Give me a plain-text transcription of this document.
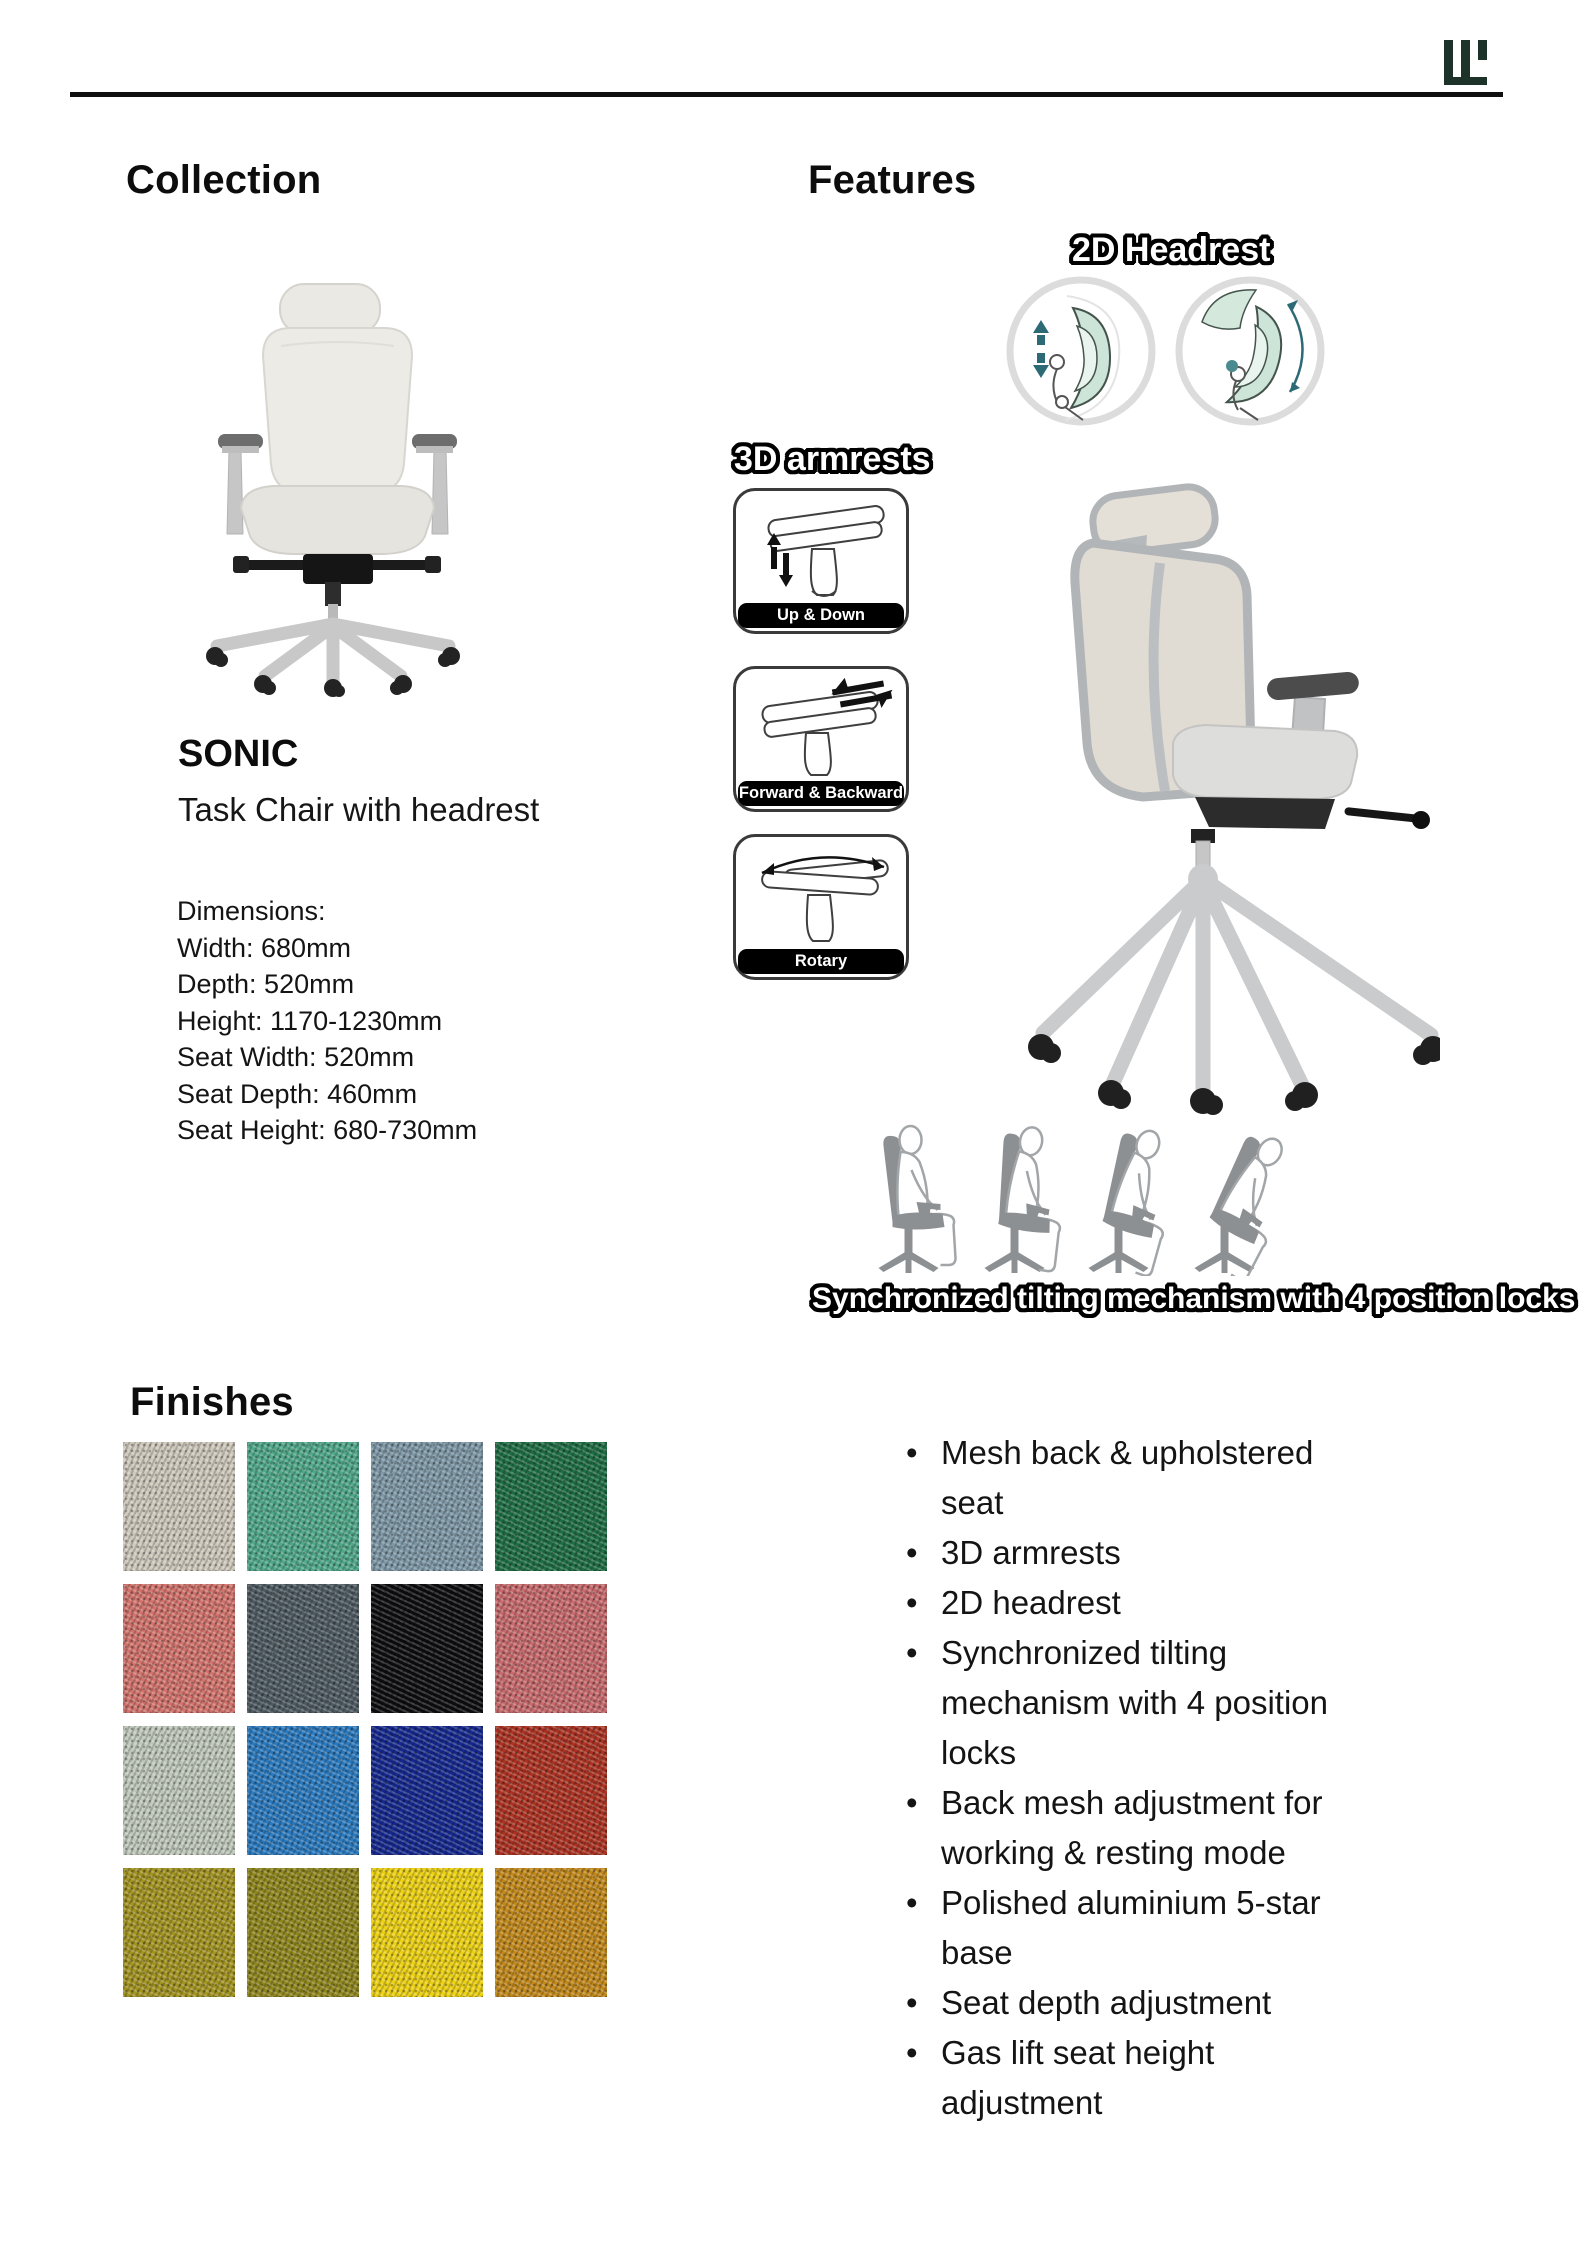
Collection	Features
Finishes
SONIC
Task Chair with headrest

Dimensions:

Width: 680mm

Depth: 520mm

Height: 1170-1230mm

Seat Width: 520mm

Seat Depth: 460mm

Seat Height: 680-730mm

2D Headrest
3D armrests
Up & Down
Forward & Backward
Rotary
Synchronized tilting mechanism with 4 position locks
• Mesh back & upholstered seat
• 3D armrests
• 2D headrest
• Synchronized tilting mechanism with 4 position locks
• Back mesh adjustment for working & resting mode
• Polished aluminium 5-star base
• Seat depth adjustment
• Gas lift seat height adjustment
